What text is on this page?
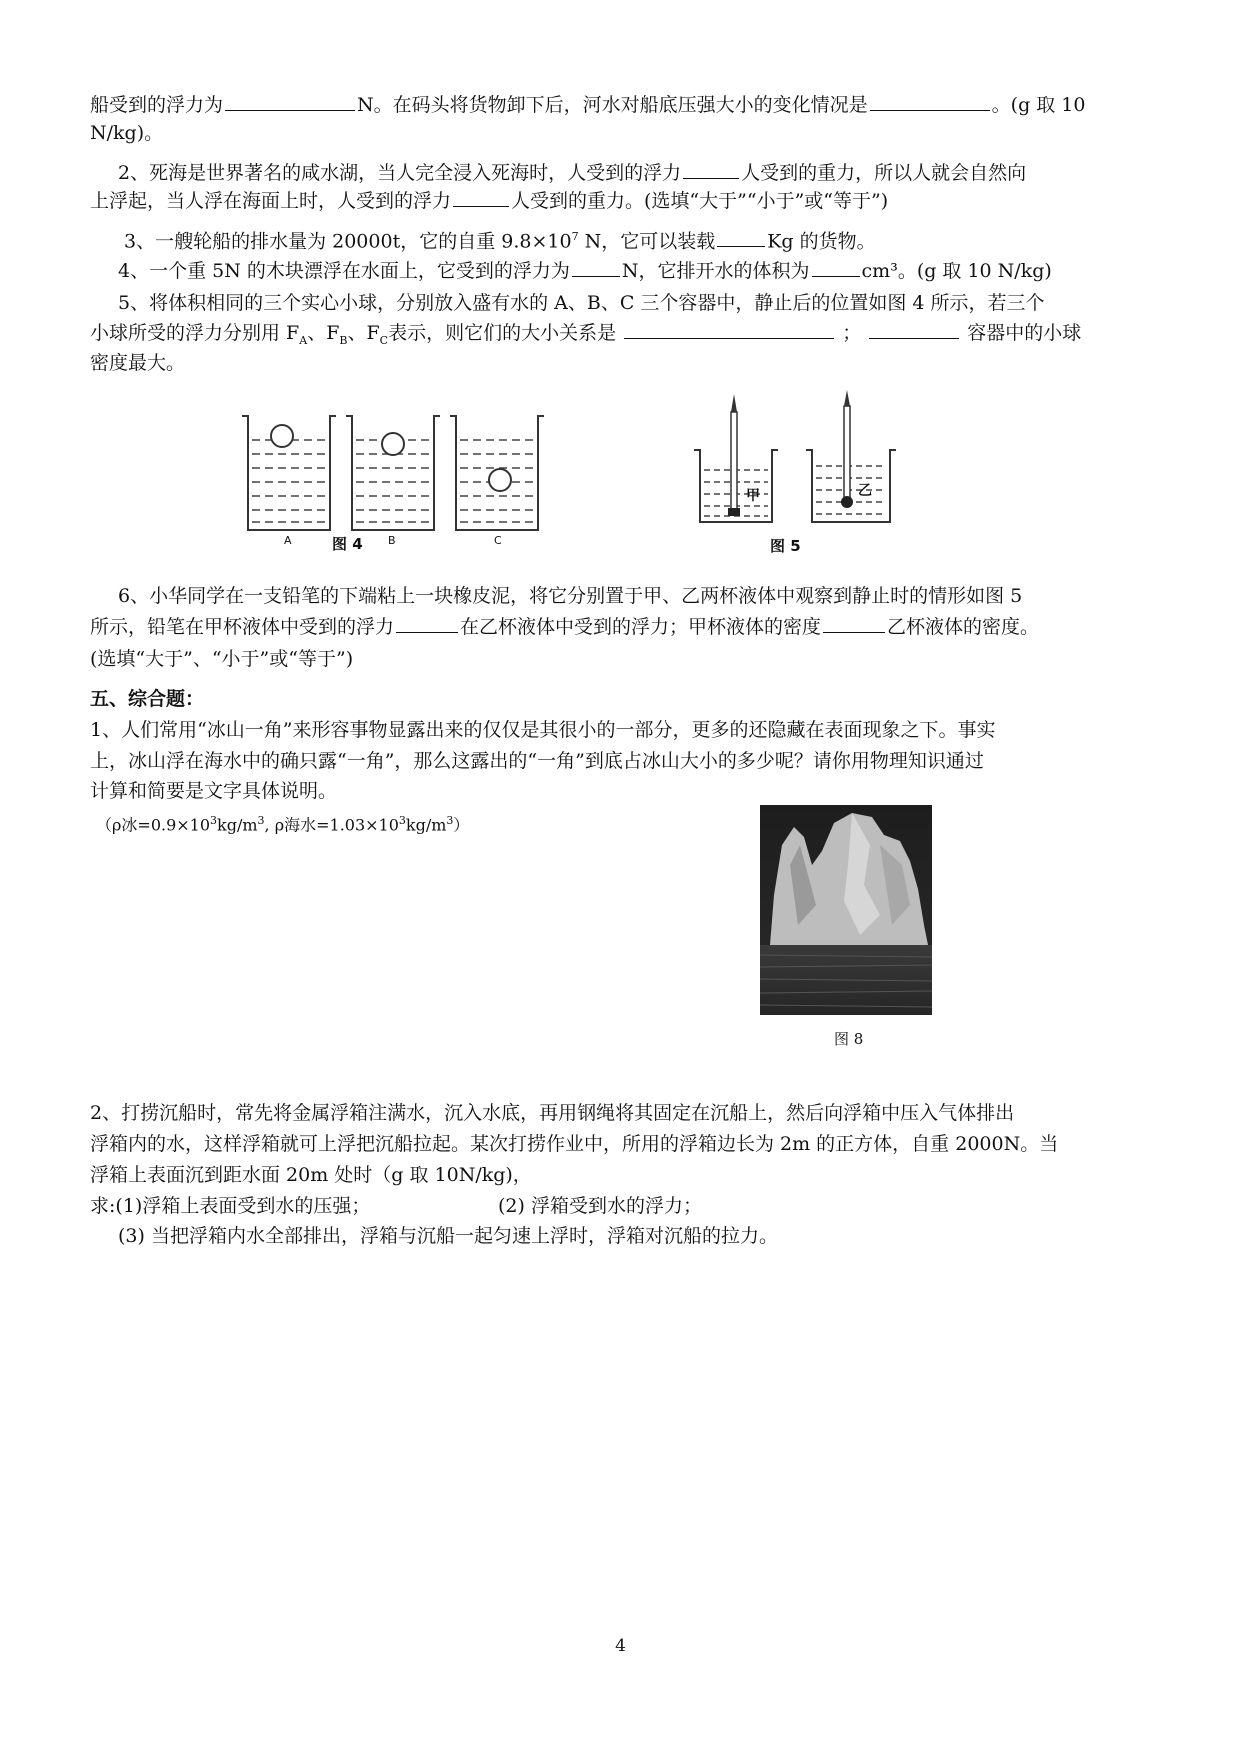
船受到的浮力为	N。在码头将货物卸下后，河水对船底压强大小的变化情况是	。(g 取 10
N/kg)。
2、死海是世界著名的咸水湖，当人完全浸入死海时，人受到的浮力	人受到的重力，所以人就会自然向
上浮起，当人浮在海面上时，人受到的浮力	人受到的重力。(选填“大于”“小于”或“等于”)
3、一艘轮船的排水量为 20000t，它的自重 $9.8\times 10^7$ N，它可以装载	Kg 的货物。
4、一个重 5N 的木块漂浮在水面上，它受到的浮力为	N，它排开水的体积为	cm³。(g 取 10 N/kg)
5、将体积相同的三个实心小球，分别放入盛有水的 A、B、C 三个容器中，静止后的位置如图 4 所示，若三个
小球所受的浮力分别用 $F_A$、$F_B$、$F_C$表示，则它们的大小关系是	；	容器中的小球
密度最大。
A	B	C
图 4
甲	乙
图 5
6、小华同学在一支铅笔的下端粘上一块橡皮泥，将它分别置于甲、乙两杯液体中观察到静止时的情形如图 5
所示，铅笔在甲杯液体中受到的浮力	在乙杯液体中受到的浮力；甲杯液体的密度	乙杯液体的密度。
(选填“大于”、“小于”或“等于”)
五、综合题：
1、人们常用“冰山一角”来形容事物显露出来的仅仅是其很小的一部分，更多的还隐藏在表面现象之下。事实
上，冰山浮在海水中的确只露“一角”，那么这露出的“一角”到底占冰山大小的多少呢？请你用物理知识通过
计算和简要是文字具体说明。
（ρ冰$=0.9\times 10^3kg/m^3$, ρ海水$=1.03\times 10^3kg/m^3$）
图 8
2、打捞沉船时，常先将金属浮箱注满水，沉入水底，再用钢绳将其固定在沉船上，然后向浮箱中压入气体排出
浮箱内的水，这样浮箱就可上浮把沉船拉起。某次打捞作业中，所用的浮箱边长为 2m 的正方体，自重 2000N。当
浮箱上表面沉到距水面 20m 处时（g 取 10N/kg)，
求:(1)浮箱上表面受到水的压强；	(2) 浮箱受到水的浮力；
(3) 当把浮箱内水全部排出，浮箱与沉船一起匀速上浮时，浮箱对沉船的拉力。
4
